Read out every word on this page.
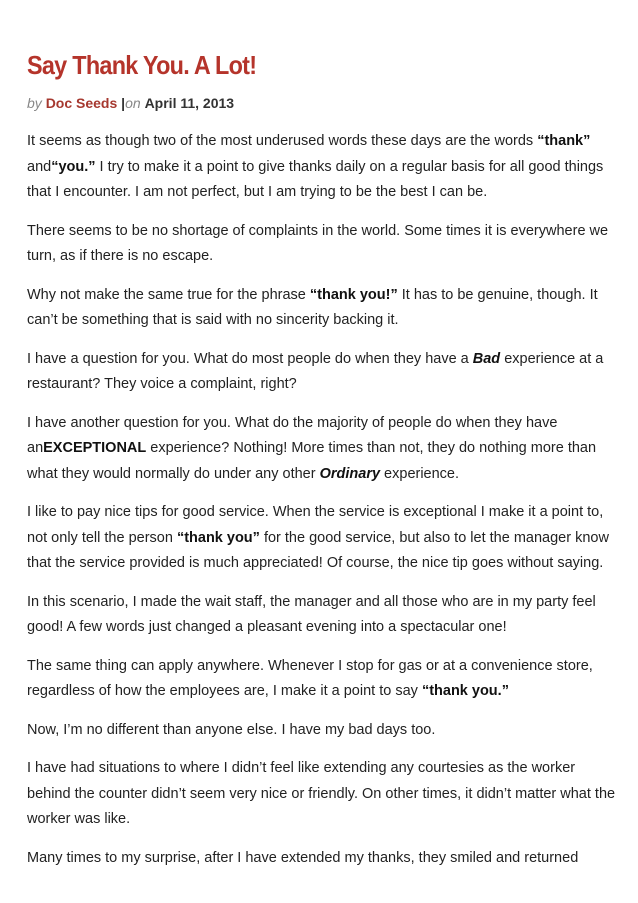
Say Thank You. A Lot!
by Doc Seeds |on April 11, 2013

It seems as though two of the most underused words these days are the words “thank” and“you.” I try to make it a point to give thanks daily on a regular basis for all good things that I encounter. I am not perfect, but I am trying to be the best I can be.

There seems to be no shortage of complaints in the world. Some times it is everywhere we turn, as if there is no escape.

Why not make the same true for the phrase “thank you!” It has to be genuine, though. It can’t be something that is said with no sincerity backing it.

I have a question for you. What do most people do when they have a Bad experience at a restaurant? They voice a complaint, right?

I have another question for you. What do the majority of people do when they have anEXCEPTIONAL experience? Nothing! More times than not, they do nothing more than what they would normally do under any other Ordinary experience.

I like to pay nice tips for good service. When the service is exceptional I make it a point to, not only tell the person “thank you” for the good service, but also to let the manager know that the service provided is much appreciated! Of course, the nice tip goes without saying.

In this scenario, I made the wait staff, the manager and all those who are in my party feel good! A few words just changed a pleasant evening into a spectacular one!

The same thing can apply anywhere. Whenever I stop for gas or at a convenience store, regardless of how the employees are, I make it a point to say “thank you.”

Now, I’m no different than anyone else. I have my bad days too.

I have had situations to where I didn’t feel like extending any courtesies as the worker behind the counter didn’t seem very nice or friendly. On other times, it didn’t matter what the worker was like.

Many times to my surprise, after I have extended my thanks, they smiled and returned
